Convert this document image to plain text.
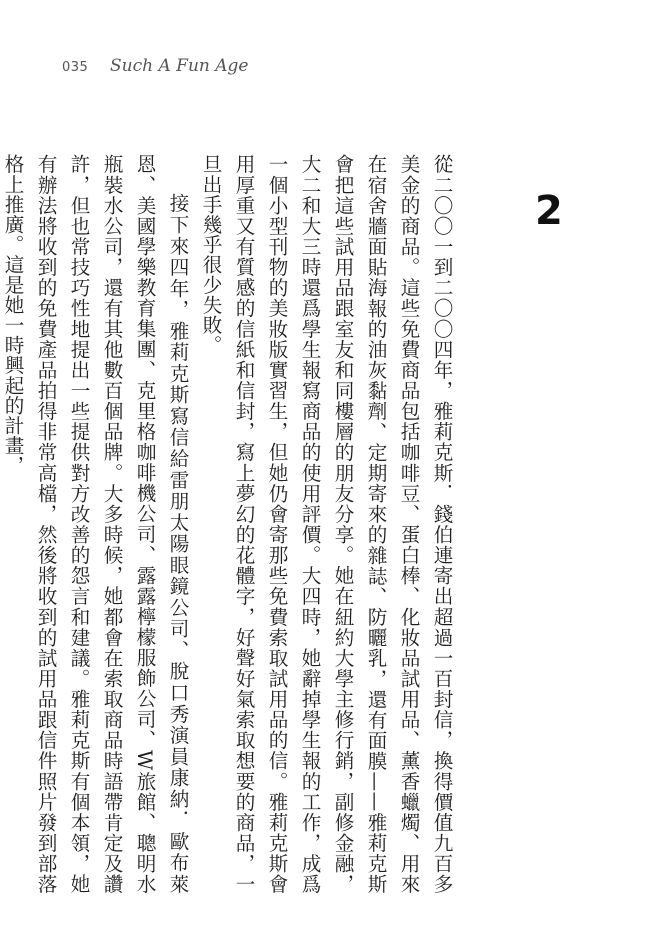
035 Such A Fun Age
2

從二〇〇一到二〇〇四年，雅莉克斯．錢伯連寄出超過一百封信，換得價值九百多美金的商品。這些免費商品包括咖啡豆、蛋白棒、化妝品試用品、薰香蠟燭、用來在宿舍牆面貼海報的油灰黏劑、定期寄來的雜誌、防曬乳，還有面膜——雅莉克斯會把這些試用品跟室友和同樓層的朋友分享。她在紐約大學主修行銷，副修金融，大二和大三時還爲學生報寫商品的使用評價。大四時，她辭掉學生報的工作，成爲一個小型刊物的美妝版實習生，但她仍會寄那些免費索取試用品的信。雅莉克斯會用厚重又有質感的信紙和信封，寫上夢幻的花體字，好聲好氣索取想要的商品，一旦出手幾乎很少失敗。

接下來四年，雅莉克斯寫信給雷朋太陽眼鏡公司、脫口秀演員康納．歐布萊恩、美國學樂教育集團、克里格咖啡機公司、露露檸檬服飾公司、W旅館、聰明水瓶裝水公司，還有其他數百個品牌。大多時候，她都會在索取商品時語帶肯定及讚許，但也常技巧性地提出一些提供對方改善的怨言和建議。雅莉克斯有個本領，她有辦法將收到的免費產品拍得非常高檔，然後將收到的試用品跟信件照片發到部落格上推廣。這是她一時興起的計畫，
